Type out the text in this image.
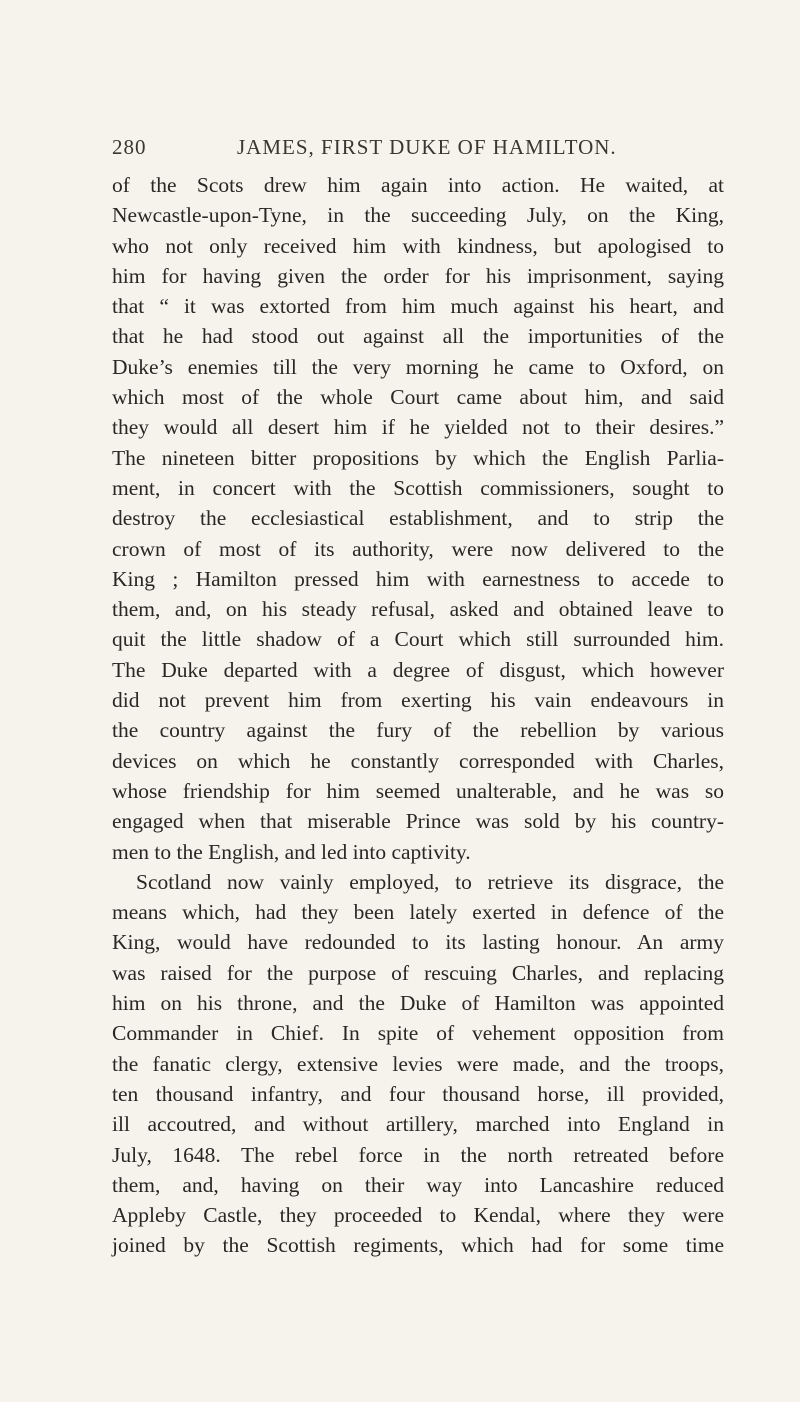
280	JAMES, FIRST DUKE OF HAMILTON.
of the Scots drew him again into action. He waited, at
Newcastle-upon-Tyne, in the succeeding July, on the King,
who not only received him with kindness, but apologised to
him for having given the order for his imprisonment, saying
that “ it was extorted from him much against his heart, and
that he had stood out against all the importunities of the
Duke’s enemies till the very morning he came to Oxford, on
which most of the whole Court came about him, and said
they would all desert him if he yielded not to their desires.”
The nineteen bitter propositions by which the English Parlia-
ment, in concert with the Scottish commissioners, sought to
destroy the ecclesiastical establishment, and to strip the
crown of most of its authority, were now delivered to the
King ; Hamilton pressed him with earnestness to accede to
them, and, on his steady refusal, asked and obtained leave to
quit the little shadow of a Court which still surrounded him.
The Duke departed with a degree of disgust, which however
did not prevent him from exerting his vain endeavours in
the country against the fury of the rebellion by various
devices on which he constantly corresponded with Charles,
whose friendship for him seemed unalterable, and he was so
engaged when that miserable Prince was sold by his country-
men to the English, and led into captivity.
Scotland now vainly employed, to retrieve its disgrace, the
means which, had they been lately exerted in defence of the
King, would have redounded to its lasting honour. An army
was raised for the purpose of rescuing Charles, and replacing
him on his throne, and the Duke of Hamilton was appointed
Commander in Chief. In spite of vehement opposition from
the fanatic clergy, extensive levies were made, and the troops,
ten thousand infantry, and four thousand horse, ill provided,
ill accoutred, and without artillery, marched into England in
July, 1648. The rebel force in the north retreated before
them, and, having on their way into Lancashire reduced
Appleby Castle, they proceeded to Kendal, where they were
joined by the Scottish regiments, which had for some time
